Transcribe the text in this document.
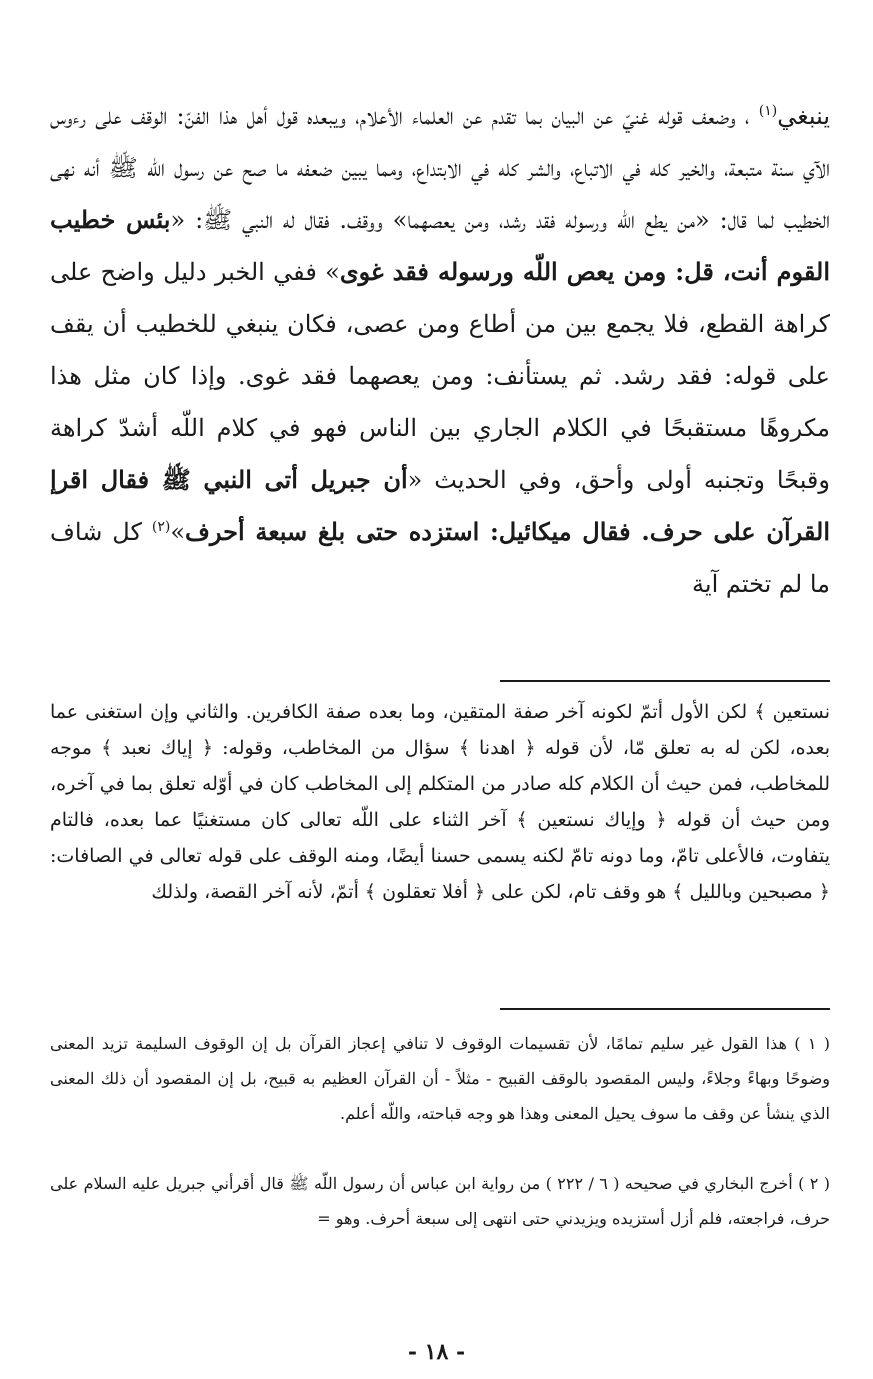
ينبغي$^{(١)}$ ، وضعف قوله غنيّ عن البيان بما تقدم عن العلماء الأعلام، ويبعده قول أهل هذا الفنّ: الوقف على رءوس الآي سنة متبعة، والخير كله في الاتباع، والشر كله في الابتداع، ومما يبين ضعفه ما صح عن رسول اللّه ﷺ أنه نهى الخطيب لما قال: «من يطع اللّه ورسوله فقد رشد، ومن يعصهما» ووقف. فقال له النبي ﷺ: «بئس خطيب القوم أنت، قل: ومن يعص اللّه ورسوله فقد غوى» ففي الخبر دليل واضح على كراهة القطع، فلا يجمع بين من أطاع ومن عصى، فكان ينبغي للخطيب أن يقف على قوله: فقد رشد. ثم يستأنف: ومن يعصهما فقد غوى. وإذا كان مثل هذا مكروهًا مستقبحًا في الكلام الجاري بين الناس فهو في كلام اللّه أشدّ كراهة وقبحًا وتجنبه أولى وأحق، وفي الحديث «أن جبريل أتى النبي ﷺ فقال اقرإ القرآن على حرف. فقال ميكائيل: استزده حتى بلغ سبعة أحرف»$^{(٢)}$ كل شاف ما لم تختم آية

نستعين ﴾ لكن الأول أتمّ لكونه آخر صفة المتقين، وما بعده صفة الكافرين. والثاني وإن استغنى عما بعده، لكن له به تعلق مّا، لأن قوله ﴿ اهدنا ﴾ سؤال من المخاطب، وقوله: ﴿ إياك نعبد ﴾ موجه للمخاطب، فمن حيث أن الكلام كله صادر من المتكلم إلى المخاطب كان في أوّله تعلق بما في آخره، ومن حيث أن قوله ﴿ وإياك نستعين ﴾ آخر الثناء على اللّه تعالى كان مستغنيًا عما بعده، فالتام يتفاوت، فالأعلى تامّ، وما دونه تامّ لكنه يسمى حسنا أيضًا، ومنه الوقف على قوله تعالى في الصافات: ﴿ مصبحين وبالليل ﴾ هو وقف تام، لكن على ﴿ أفلا تعقلون ﴾ أتمّ، لأنه آخر القصة، ولذلك

( ١ ) هذا القول غير سليم تمامًا، لأن تقسيمات الوقوف لا تنافي إعجاز القرآن بل إن الوقوف السليمة تزيد المعنى وضوحًا وبهاءً وجلاءً، وليس المقصود بالوقف القبيح - مثلاً - أن القرآن العظيم به قبيح، بل إن المقصود أن ذلك المعنى الذي ينشأ عن وقف ما سوف يحيل المعنى وهذا هو وجه قباحته، واللّه أعلم.

( ٢ ) أخرج البخاري في صحيحه ( ٦ / ٢٢٢ ) من رواية ابن عباس أن رسول اللّه ﷺ قال أقرأني جبريل عليه السلام على حرف، فراجعته، فلم أزل أستزيده ويزيدني حتى انتهى إلى سبعة أحرف. وهو =

- ١٨ -
